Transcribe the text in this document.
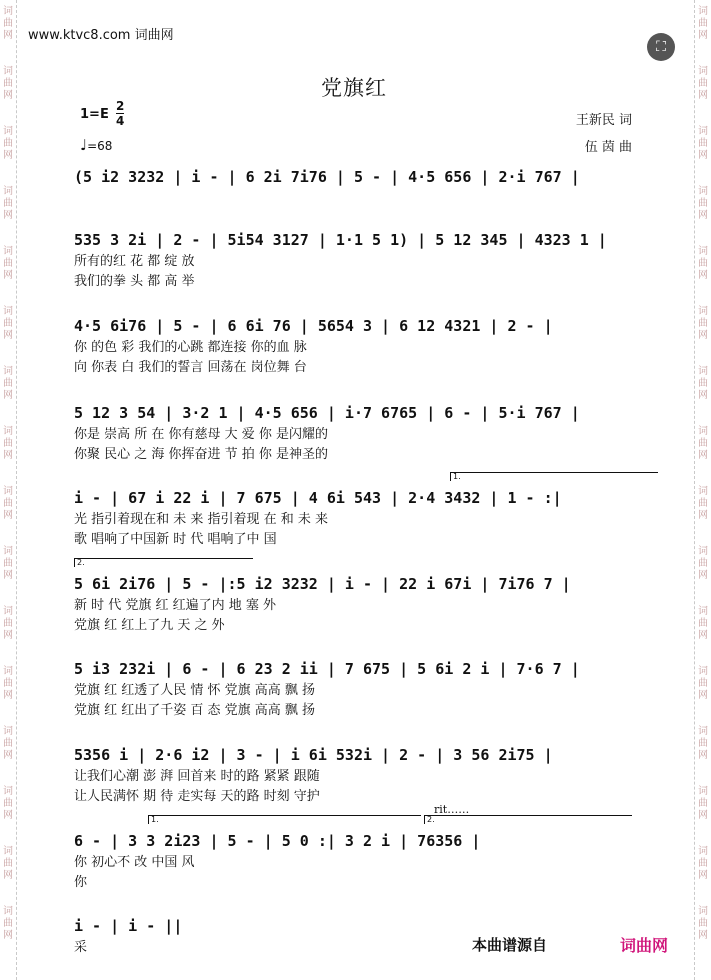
词
曲
网
词
曲
网
词
曲
网
词
曲
网
词
曲
网
词
曲
网
词
曲
网
词
曲
网
词
曲
网
词
曲
网
词
曲
网
词
曲
网
词
曲
网
词
曲
网
词
曲
网
词
曲
网
词
曲
网
词
曲
网
词
曲
网
词
曲
网
词
曲
网
词
曲
网
词
曲
网
词
曲
网
词
曲
网
词
曲
网
词
曲
网
词
曲
网
词
曲
网
词
曲
网
词
曲
网
词
曲
网
www.ktvc8.com 词曲网
⛶
党旗红
1=E
2
4
♩=68
王新民 词
伍 茵 曲
(5 i2 3232 | i - | 6 2i 7i76 | 5 - | 4·5 656 | 2·i 767 |
535 3 2i | 2 - | 5i54 3127 | 1·1 5 1) | 5 12 345 | 4323 1 |
所有的红 花 都 绽 放
我们的拳 头 都 高 举
4·5 6i76 | 5 - | 6 6i 76 | 5654 3 | 6 12 4321 | 2 - |
你 的色 彩 我们的心跳 都连接 你的血 脉
向 你表 白 我们的誓言 回荡在 岗位舞 台
5 12 3 54 | 3·2 1 | 4·5 656 | i·7 6765 | 6 - | 5·i 767 |
你是 崇高 所 在 你有慈母 大 爱 你 是闪耀的
你聚 民心 之 海 你挥奋进 节 拍 你 是神圣的
i - | 67 i 22 i | 7 675 | 4 6i 543 | 2·4 3432 | 1 - :|
光 指引着现在和 未 来 指引着现 在 和 未 来
歌 唱响了中国新 时 代 唱响了中 国
5 6i 2i76 | 5 - |:5 i2 3232 | i - | 22 i 67i | 7i76 7 |
新 时 代 党旗 红 红遍了内 地 塞 外
党旗 红 红上了九 天 之 外
5 i3 232i | 6 - | 6 23 2 ii | 7 675 | 5 6i 2 i | 7·6 7 |
党旗 红 红透了人民 情 怀 党旗 高高 飘 扬
党旗 红 红出了千姿 百 态 党旗 高高 飘 扬
5356 i | 2·6 i2 | 3 - | i 6i 532i | 2 - | 3 56 2i75 |
让我们心潮 澎 湃 回首来 时的路 紧紧 跟随
让人民满怀 期 待 走实每 天的路 时刻 守护
6 - | 3 3 2i23 | 5 - | 5 0 :| 3 2 i | 76356 |
你 初心不 改 中国 风
你
i - | i - ||
采
1.
2.
1.	2.
rit……
本曲谱源自	词曲网
